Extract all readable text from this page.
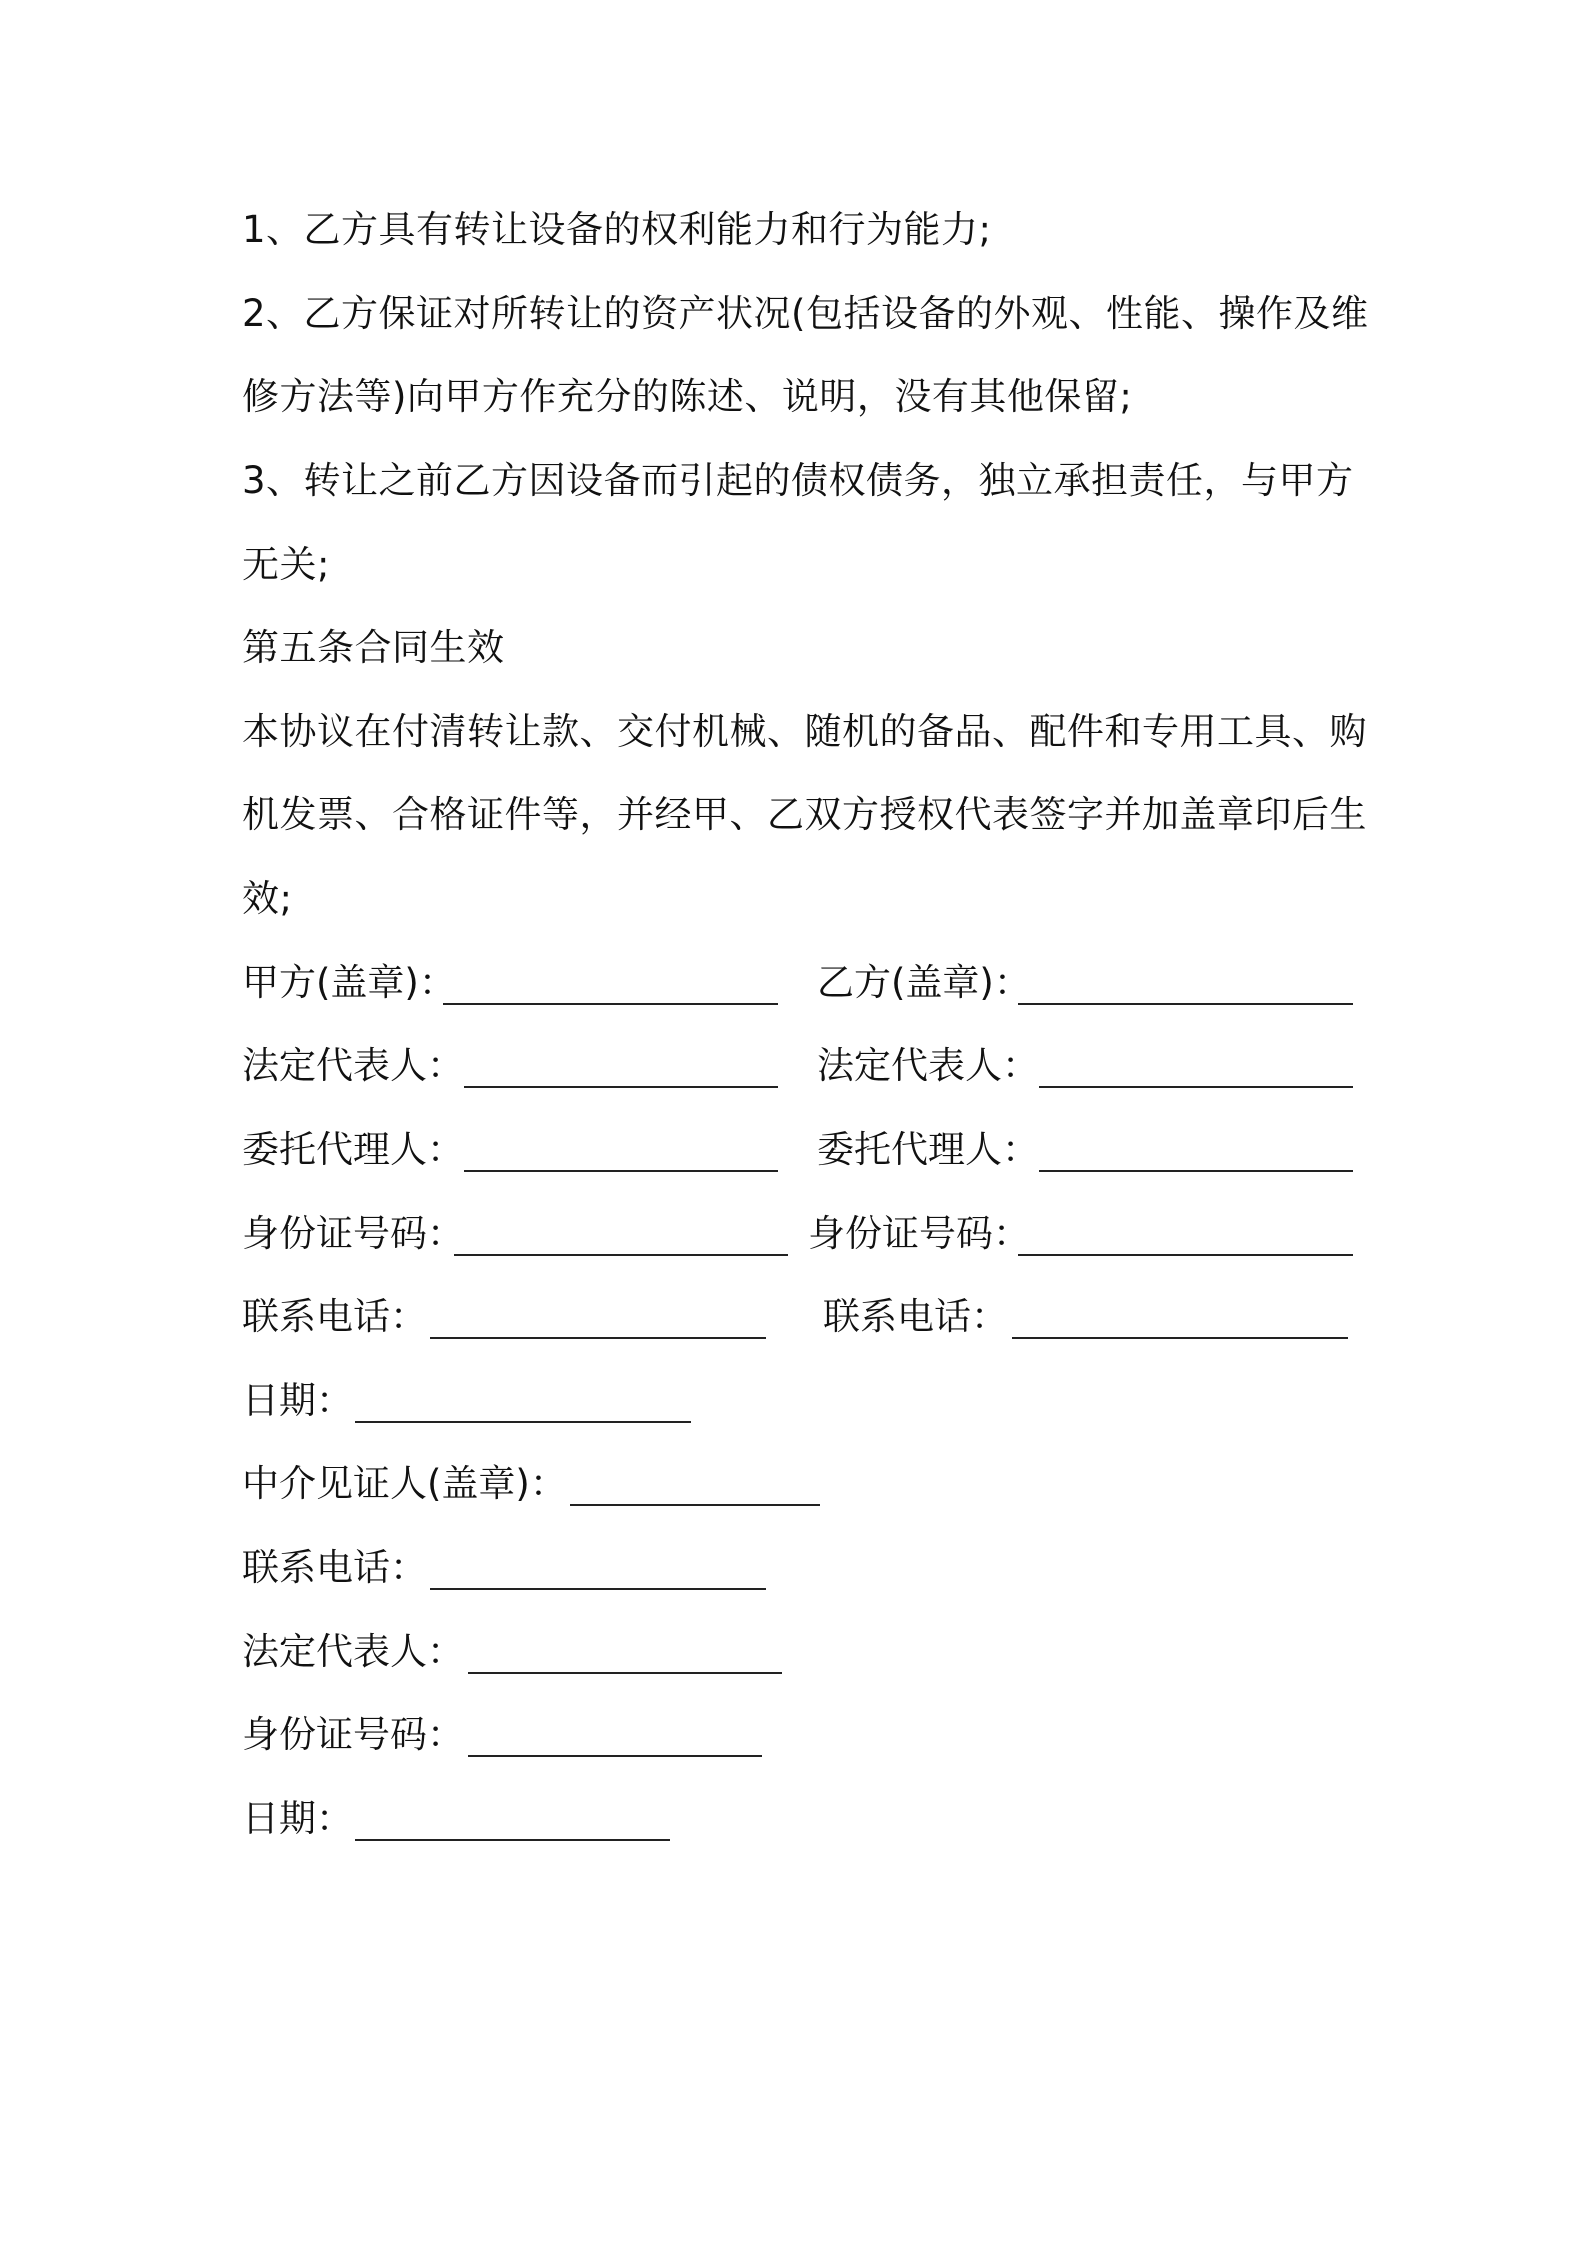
1、乙方具有转让设备的权利能力和行为能力;
2、乙方保证对所转让的资产状况(包括设备的外观、性能、操作及维
修方法等)向甲方作充分的陈述、说明，没有其他保留;
3、转让之前乙方因设备而引起的债权债务，独立承担责任，与甲方
无关;
第五条合同生效
本协议在付清转让款、交付机械、随机的备品、配件和专用工具、购
机发票、合格证件等，并经甲、乙双方授权代表签字并加盖章印后生
效;
甲方(盖章)：	乙方(盖章)：
法定代表人：	法定代表人：
委托代理人：	委托代理人：
身份证号码：	身份证号码：
联系电话：	联系电话：
日期：
中介见证人(盖章)：
联系电话：
法定代表人：
身份证号码：
日期：
